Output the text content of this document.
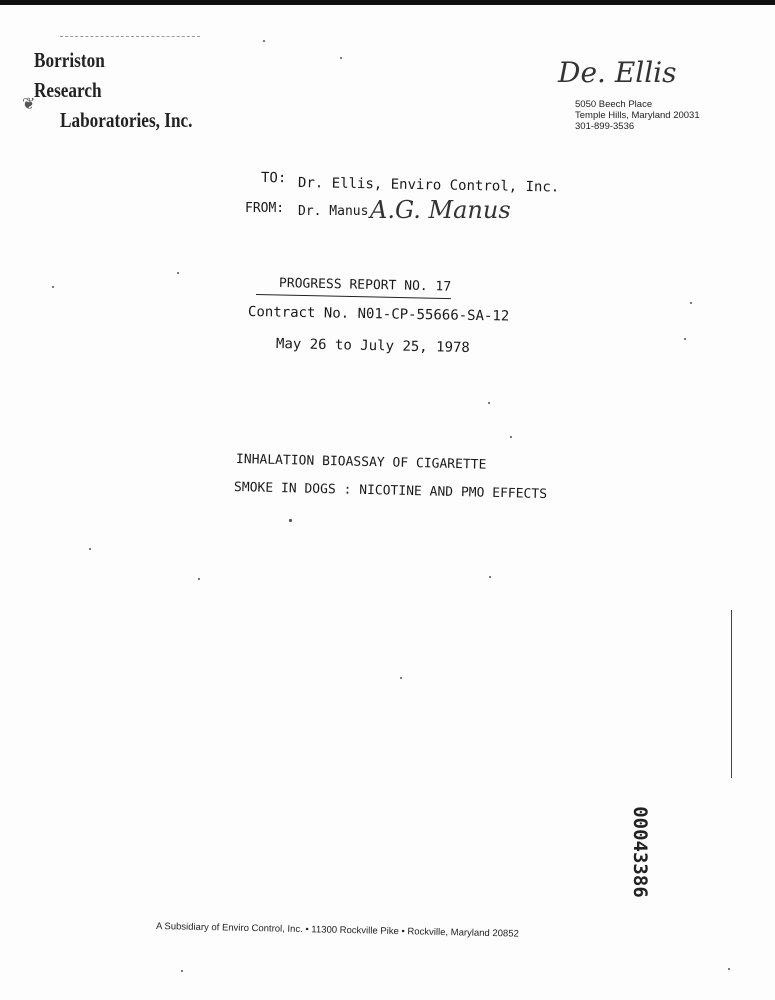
Borriston
Research
❦
Laboratories, Inc.
De. Ellis
5050 Beech Place
Temple Hills, Maryland 20031
301-899-3536
TO: Dr. Ellis, Enviro Control, Inc.
FROM: Dr. Manus A.G. Manus
PROGRESS REPORT NO. 17
Contract No. N01-CP-55666-SA-12
May 26 to July 25, 1978
INHALATION BIOASSAY OF CIGARETTE
SMOKE IN DOGS : NICOTINE AND PMO EFFECTS
00043386
A Subsidiary of Enviro Control, Inc. • 11300 Rockville Pike • Rockville, Maryland 20852
